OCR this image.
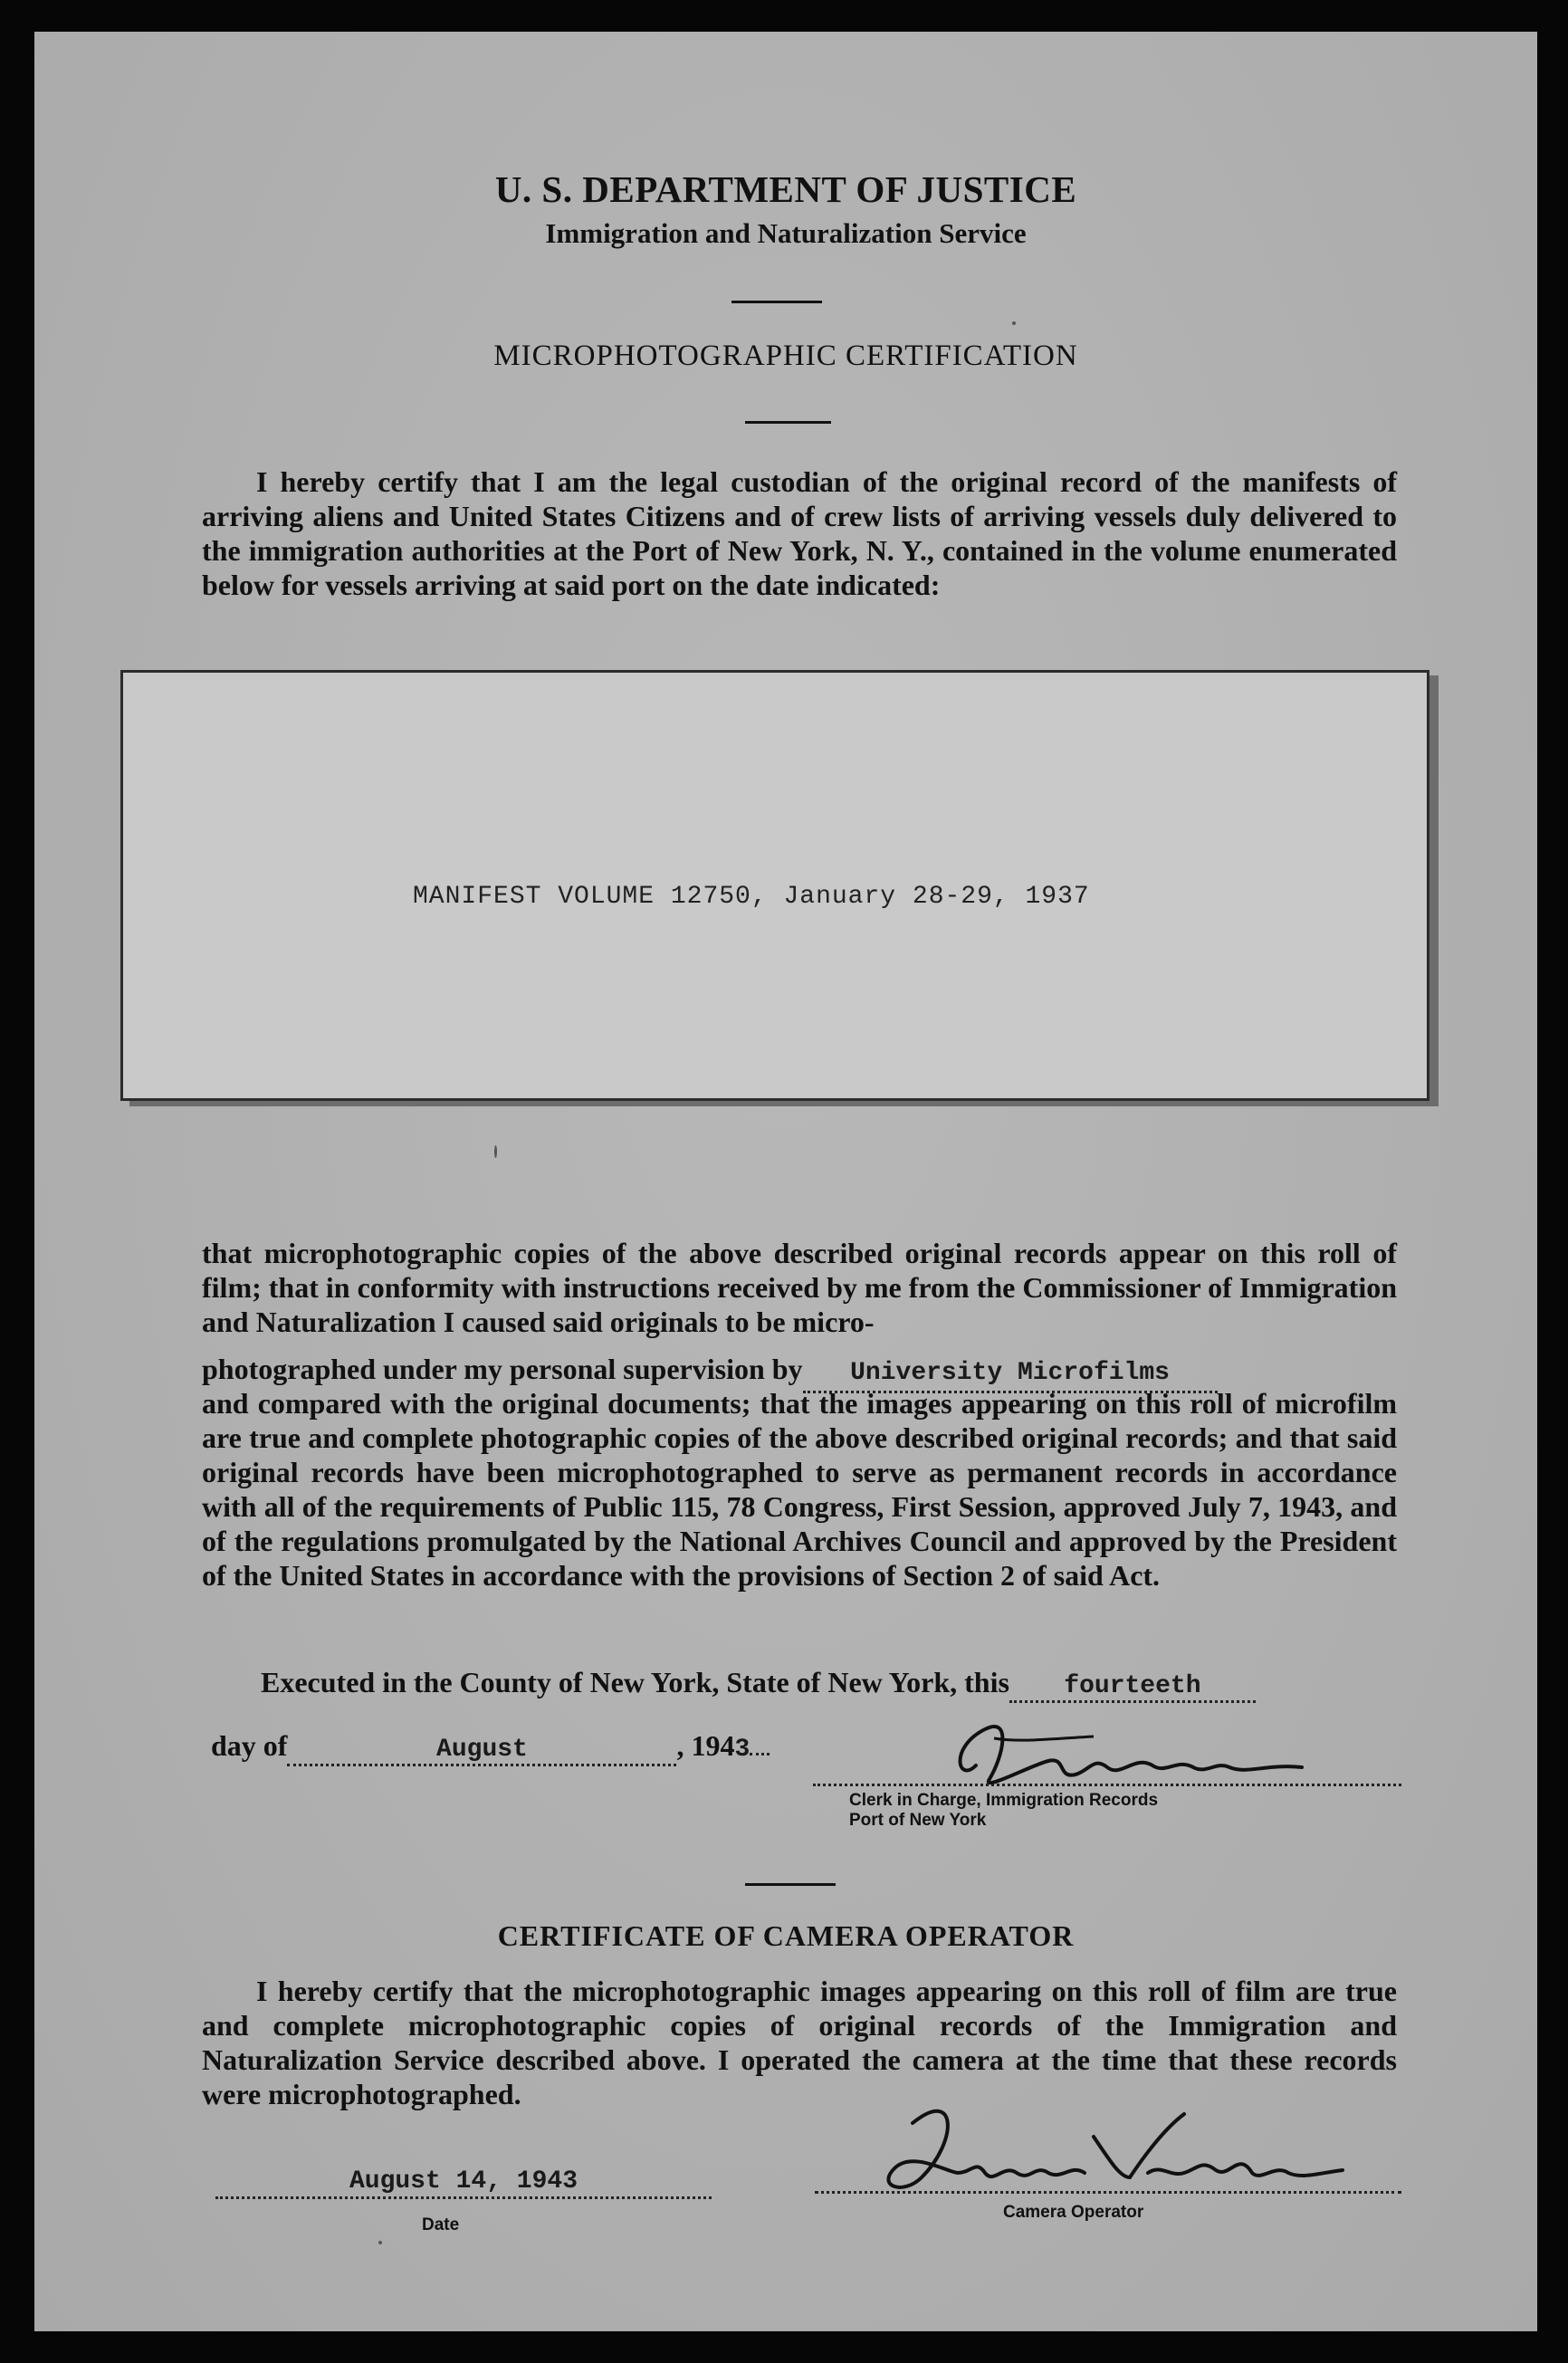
U. S. DEPARTMENT OF JUSTICE
Immigration and Naturalization Service
MICROPHOTOGRAPHIC CERTIFICATION
I hereby certify that I am the legal custodian of the original record of the manifests of arriving aliens and United States Citizens and of crew lists of arriving vessels duly delivered to the immigration authorities at the Port of New York, N. Y., contained in the volume enumerated below for vessels arriving at said port on the date indicated:
MANIFEST VOLUME 12750, January 28-29, 1937
that microphotographic copies of the above described original records appear on this roll of film; that in conformity with instructions received by me from the Commissioner of Immigration and Naturalization I caused said originals to be micro-
photographed under my personal supervision by University Microfilms
and compared with the original documents; that the images appearing on this roll of microfilm are true and complete photographic copies of the above described original records; and that said original records have been microphotographed to serve as permanent records in accordance with all of the requirements of Public 115, 78 Congress, First Session, approved July 7, 1943, and of the regulations promulgated by the National Archives Council and approved by the President of the United States in accordance with the provisions of Section 2 of said Act.
Executed in the County of New York, State of New York, this fourteeth
day of	August	, 1943
Clerk in Charge, Immigration Records
Port of New York
CERTIFICATE OF CAMERA OPERATOR
I hereby certify that the microphotographic images appearing on this roll of film are true and complete microphotographic copies of original records of the Immigration and Naturalization Service described above. I operated the camera at the time that these records were microphotographed.
August 14, 1943
Date
Camera Operator
